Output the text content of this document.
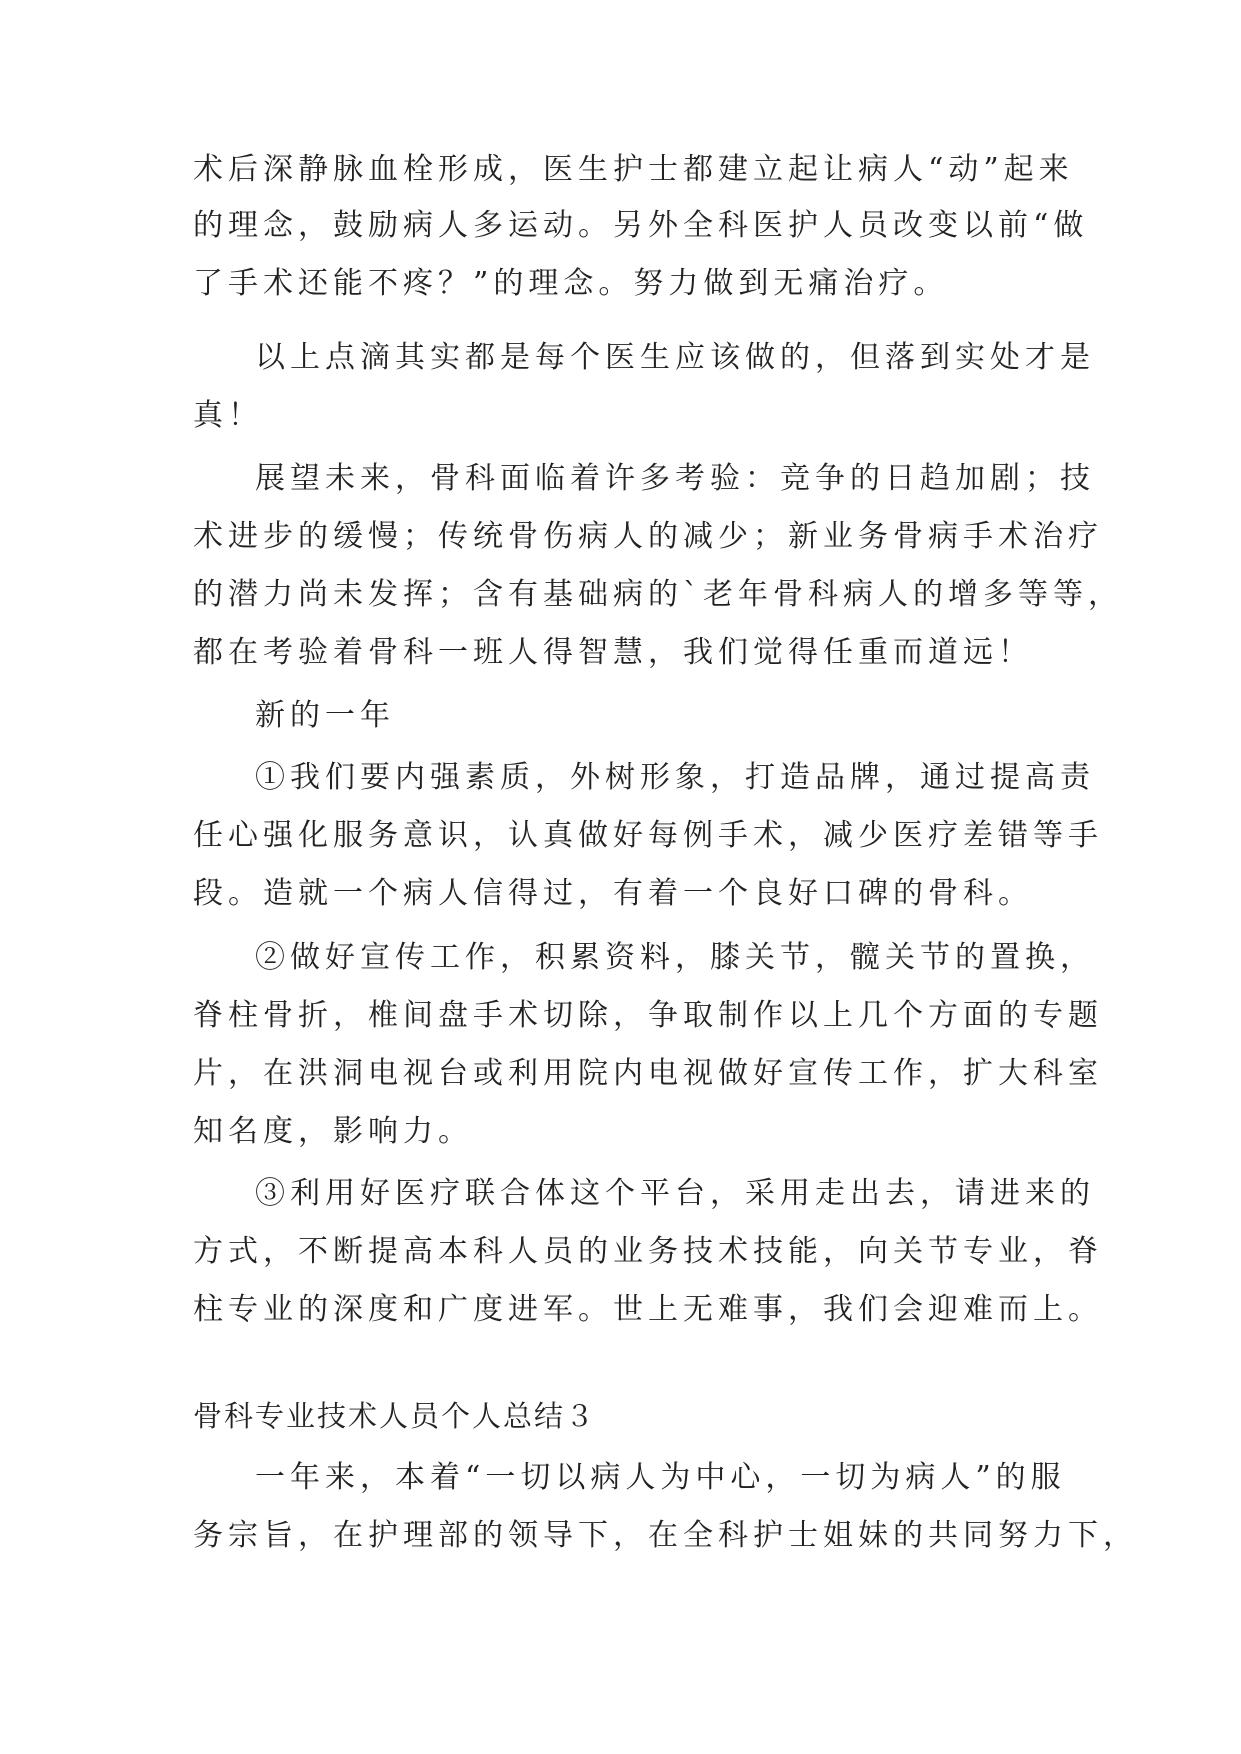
术后深静脉血栓形成，医生护士都建立起让病人“动”起来
的理念，鼓励病人多运动。另外全科医护人员改变以前“做
了手术还能不疼？”的理念。努力做到无痛治疗。
以上点滴其实都是每个医生应该做的，但落到实处才是
真！
展望未来，骨科面临着许多考验：竞争的日趋加剧；技
术进步的缓慢；传统骨伤病人的减少；新业务骨病手术治疗
的潜力尚未发挥；含有基础病的`老年骨科病人的增多等等，
都在考验着骨科一班人得智慧，我们觉得任重而道远！
新的一年
①我们要内强素质，外树形象，打造品牌，通过提高责
任心强化服务意识，认真做好每例手术，减少医疗差错等手
段。造就一个病人信得过，有着一个良好口碑的骨科。
②做好宣传工作，积累资料，膝关节，髋关节的置换，
脊柱骨折，椎间盘手术切除，争取制作以上几个方面的专题
片，在洪洞电视台或利用院内电视做好宣传工作，扩大科室
知名度，影响力。
③利用好医疗联合体这个平台，采用走出去，请进来的
方式，不断提高本科人员的业务技术技能，向关节专业，脊
柱专业的深度和广度进军。世上无难事，我们会迎难而上。
骨科专业技术人员个人总结３
一年来，本着“一切以病人为中心，一切为病人”的服
务宗旨，在护理部的领导下，在全科护士姐妹的共同努力下，
